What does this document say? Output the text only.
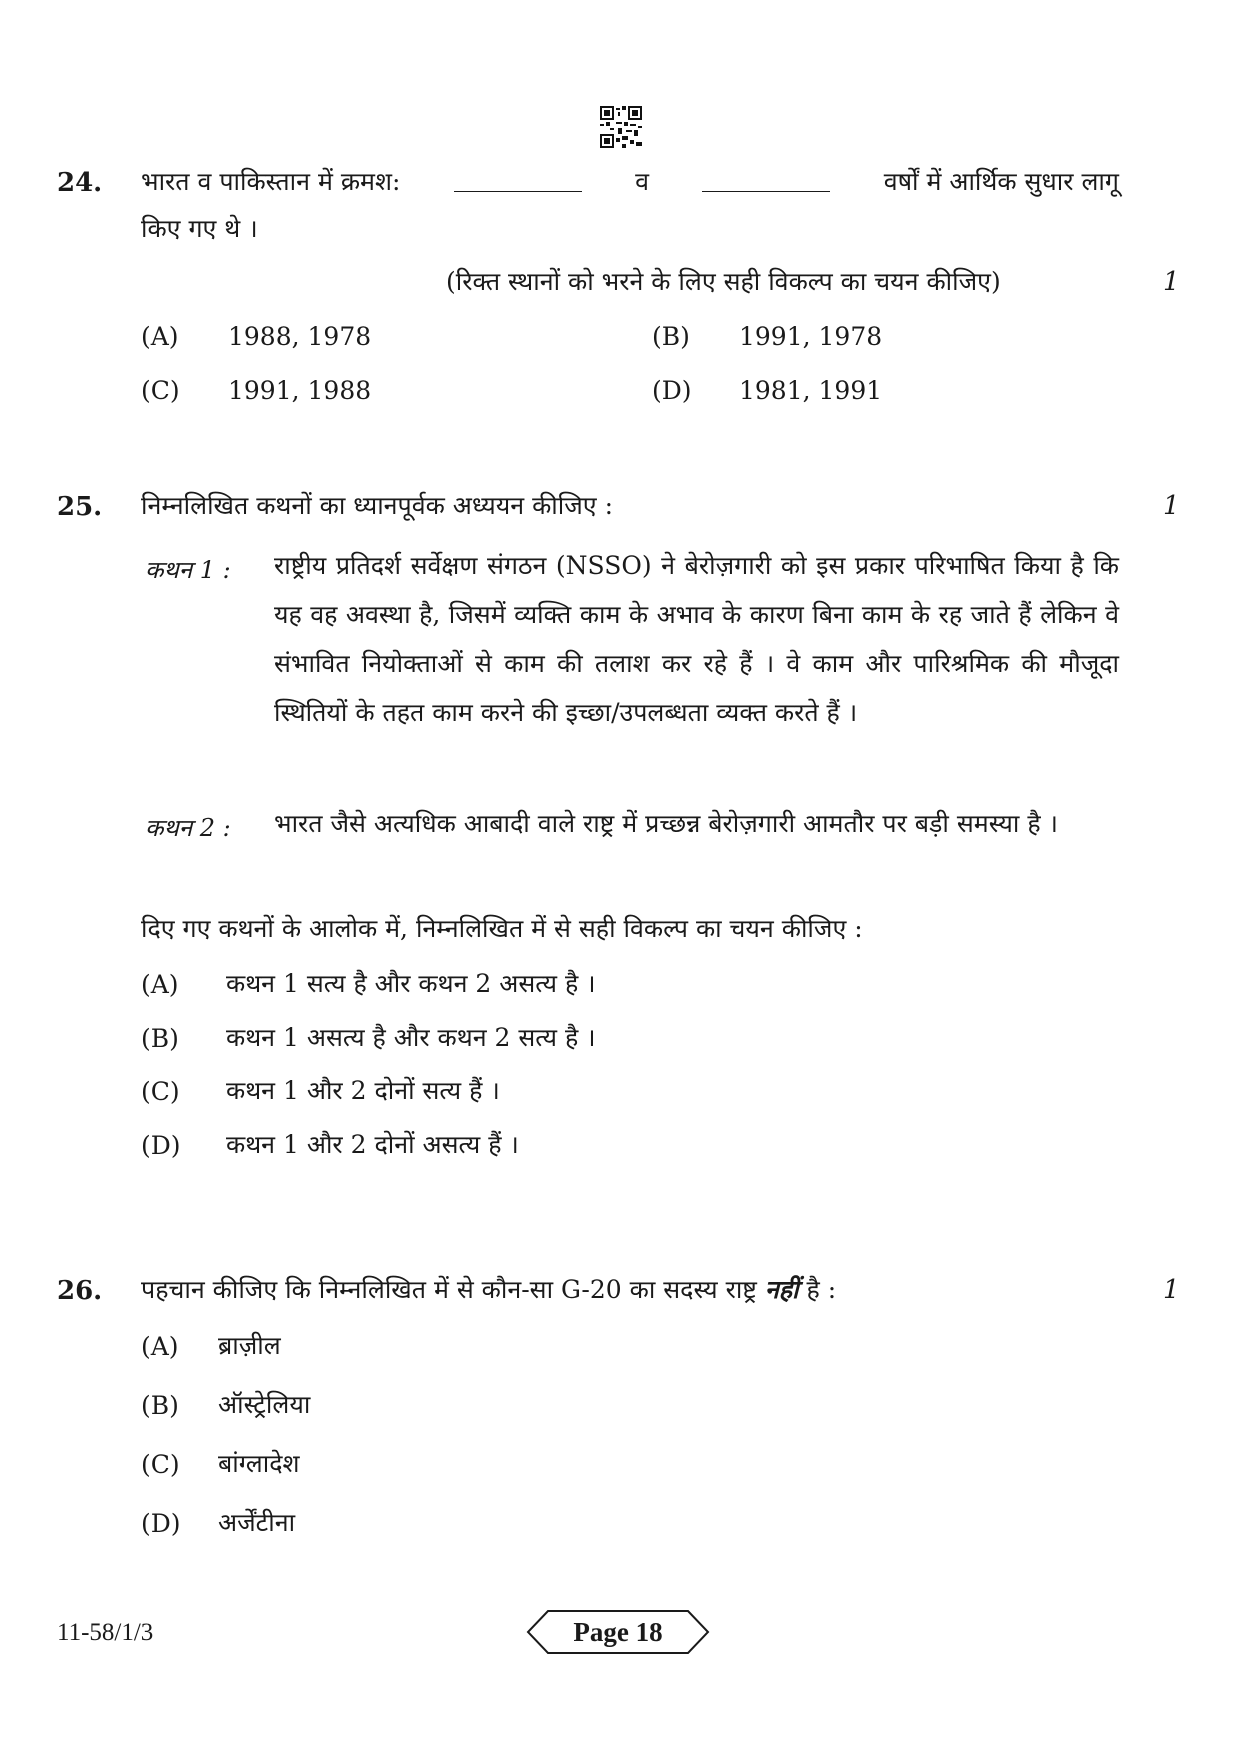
24. भारत व पाकिस्तान में क्रमश:	व	वर्षों में आर्थिक सुधार लागू
किए गए थे ।
(रिक्त स्थानों को भरने के लिए सही विकल्प का चयन कीजिए)	1
(A) 1988, 1978	(B) 1991, 1978
(C) 1991, 1988	(D) 1981, 1991
25. निम्नलिखित कथनों का ध्यानपूर्वक अध्ययन कीजिए :	1
कथन 1 : राष्ट्रीय प्रतिदर्श सर्वेक्षण संगठन (NSSO) ने बेरोज़गारी को इस प्रकार परिभाषित किया है कि यह वह अवस्था है, जिसमें व्यक्ति काम के अभाव के कारण बिना काम के रह जाते हैं लेकिन वे संभावित नियोक्ताओं से काम की तलाश कर रहे हैं । वे काम और पारिश्रमिक की मौजूदा स्थितियों के तहत काम करने की इच्छा/उपलब्धता व्यक्त करते हैं ।
कथन 2 : भारत जैसे अत्यधिक आबादी वाले राष्ट्र में प्रच्छन्न बेरोज़गारी आमतौर पर बड़ी समस्या है ।
दिए गए कथनों के आलोक में, निम्नलिखित में से सही विकल्प का चयन कीजिए :
(A) कथन 1 सत्य है और कथन 2 असत्य है ।
(B) कथन 1 असत्य है और कथन 2 सत्य है ।
(C) कथन 1 और 2 दोनों सत्य हैं ।
(D) कथन 1 और 2 दोनों असत्य हैं ।
26. पहचान कीजिए कि निम्नलिखित में से कौन-सा G-20 का सदस्य राष्ट्र नहीं है :	1
(A) ब्राज़ील
(B) ऑस्ट्रेलिया
(C) बांग्लादेश
(D) अर्जेंटीना
11-58/1/3	Page 18
